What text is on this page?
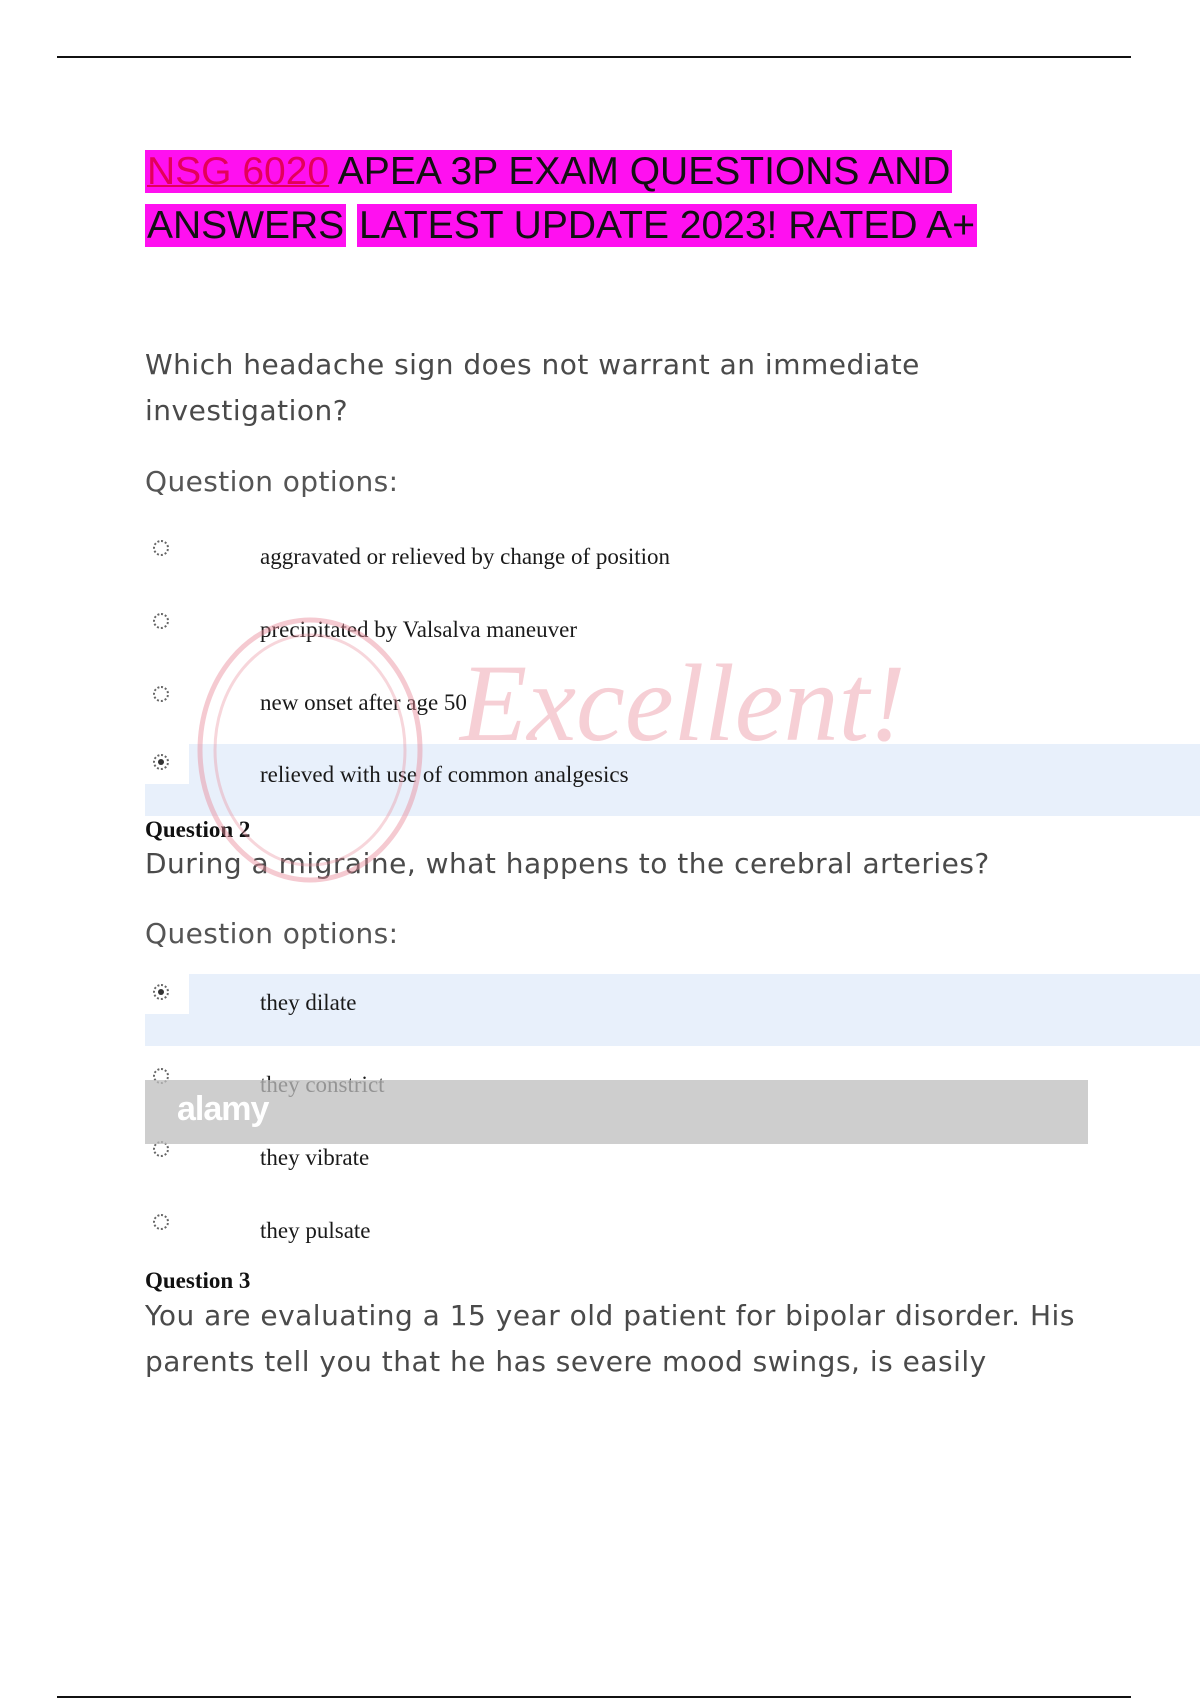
NSG 6020 APEA 3P EXAM QUESTIONS AND
ANSWERS LATEST UPDATE 2023! RATED A+
Which headache sign does not warrant an immediate
investigation?
Question options:
aggravated or relieved by change of position
precipitated by Valsalva maneuver
new onset after age 50
relieved with use of common analgesics
Question 2
During a migraine, what happens to the cerebral arteries?
Question options:
they dilate
they vibrate
they pulsate
Question 3
You are evaluating a 15 year old patient for bipolar disorder. His
parents tell you that he has severe mood swings, is easily
Excellent!
alamy
